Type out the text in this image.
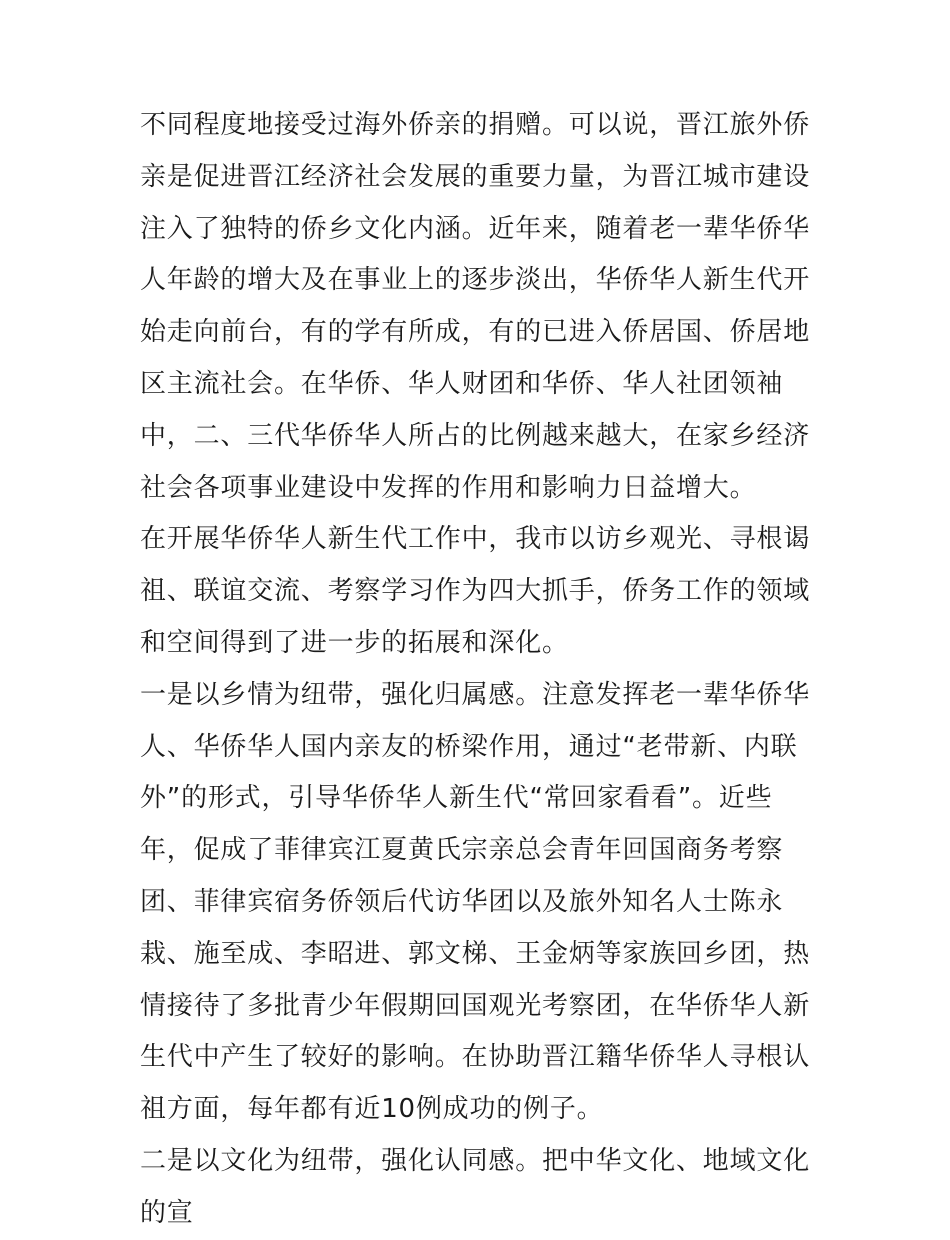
不同程度地接受过海外侨亲的捐赠。可以说，晋江旅外侨亲是促进晋江经济社会发展的重要力量，为晋江城市建设注入了独特的侨乡文化内涵。近年来，随着老一辈华侨华人年龄的增大及在事业上的逐步淡出，华侨华人新生代开始走向前台，有的学有所成，有的已进入侨居国、侨居地区主流社会。在华侨、华人财团和华侨、华人社团领袖中，二、三代华侨华人所占的比例越来越大，在家乡经济社会各项事业建设中发挥的作用和影响力日益增大。

在开展华侨华人新生代工作中，我市以访乡观光、寻根谒祖、联谊交流、考察学习作为四大抓手，侨务工作的领域和空间得到了进一步的拓展和深化。

一是以乡情为纽带，强化归属感。注意发挥老一辈华侨华人、华侨华人国内亲友的桥梁作用，通过“老带新、内联外”的形式，引导华侨华人新生代“常回家看看”。近些年，促成了菲律宾江夏黄氏宗亲总会青年回国商务考察团、菲律宾宿务侨领后代访华团以及旅外知名人士陈永栽、施至成、李昭进、郭文梯、王金炳等家族回乡团，热情接待了多批青少年假期回国观光考察团，在华侨华人新生代中产生了较好的影响。在协助晋江籍华侨华人寻根认祖方面，每年都有近10例成功的例子。

二是以文化为纽带，强化认同感。把中华文化、地域文化的宣
